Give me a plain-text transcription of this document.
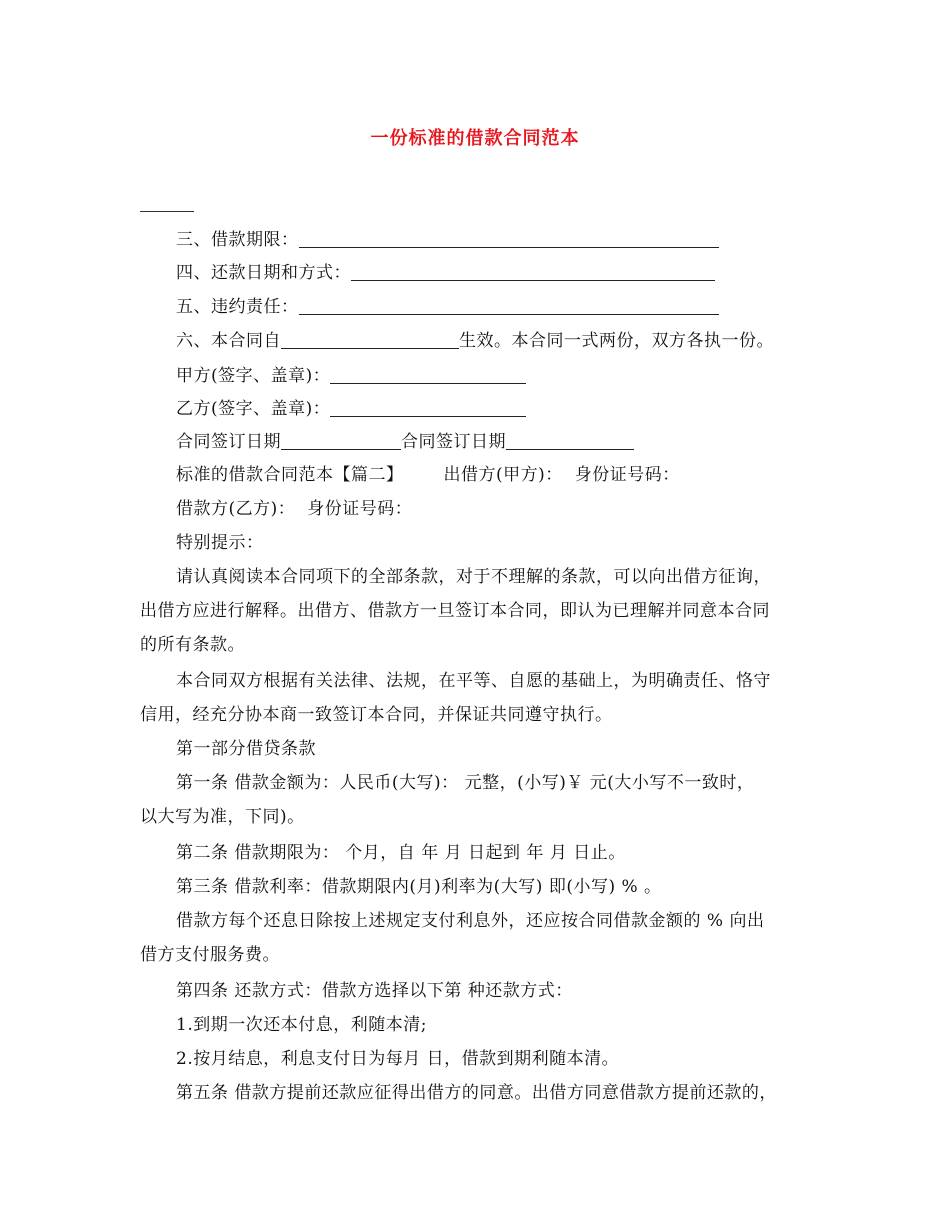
一份标准的借款合同范本
三、借款期限：
四、还款日期和方式：
五、违约责任：
六、本合同自	生效。本合同一式两份，双方各执一份。
甲方(签字、盖章)：
乙方(签字、盖章)：
合同签订日期	合同签订日期
标准的借款合同范本【篇二】 出借方(甲方)： 身份证号码：
借款方(乙方)： 身份证号码：
特别提示：
请认真阅读本合同项下的全部条款，对于不理解的条款，可以向出借方征询，
出借方应进行解释。出借方、借款方一旦签订本合同，即认为已理解并同意本合同
的所有条款。
本合同双方根据有关法律、法规，在平等、自愿的基础上，为明确责任、恪守
信用，经充分协本商一致签订本合同，并保证共同遵守执行。
第一部分借贷条款
第一条 借款金额为：人民币(大写)： 元整，(小写)￥ 元(大小写不一致时，
以大写为准，下同)。
第二条 借款期限为： 个月，自 年 月 日起到 年 月 日止。
第三条 借款利率：借款期限内(月)利率为(大写) 即(小写) % 。
借款方每个还息日除按上述规定支付利息外，还应按合同借款金额的 % 向出
借方支付服务费。
第四条 还款方式：借款方选择以下第 种还款方式：
1.到期一次还本付息，利随本清;
2.按月结息，利息支付日为每月 日，借款到期利随本清。
第五条 借款方提前还款应征得出借方的同意。出借方同意借款方提前还款的，
